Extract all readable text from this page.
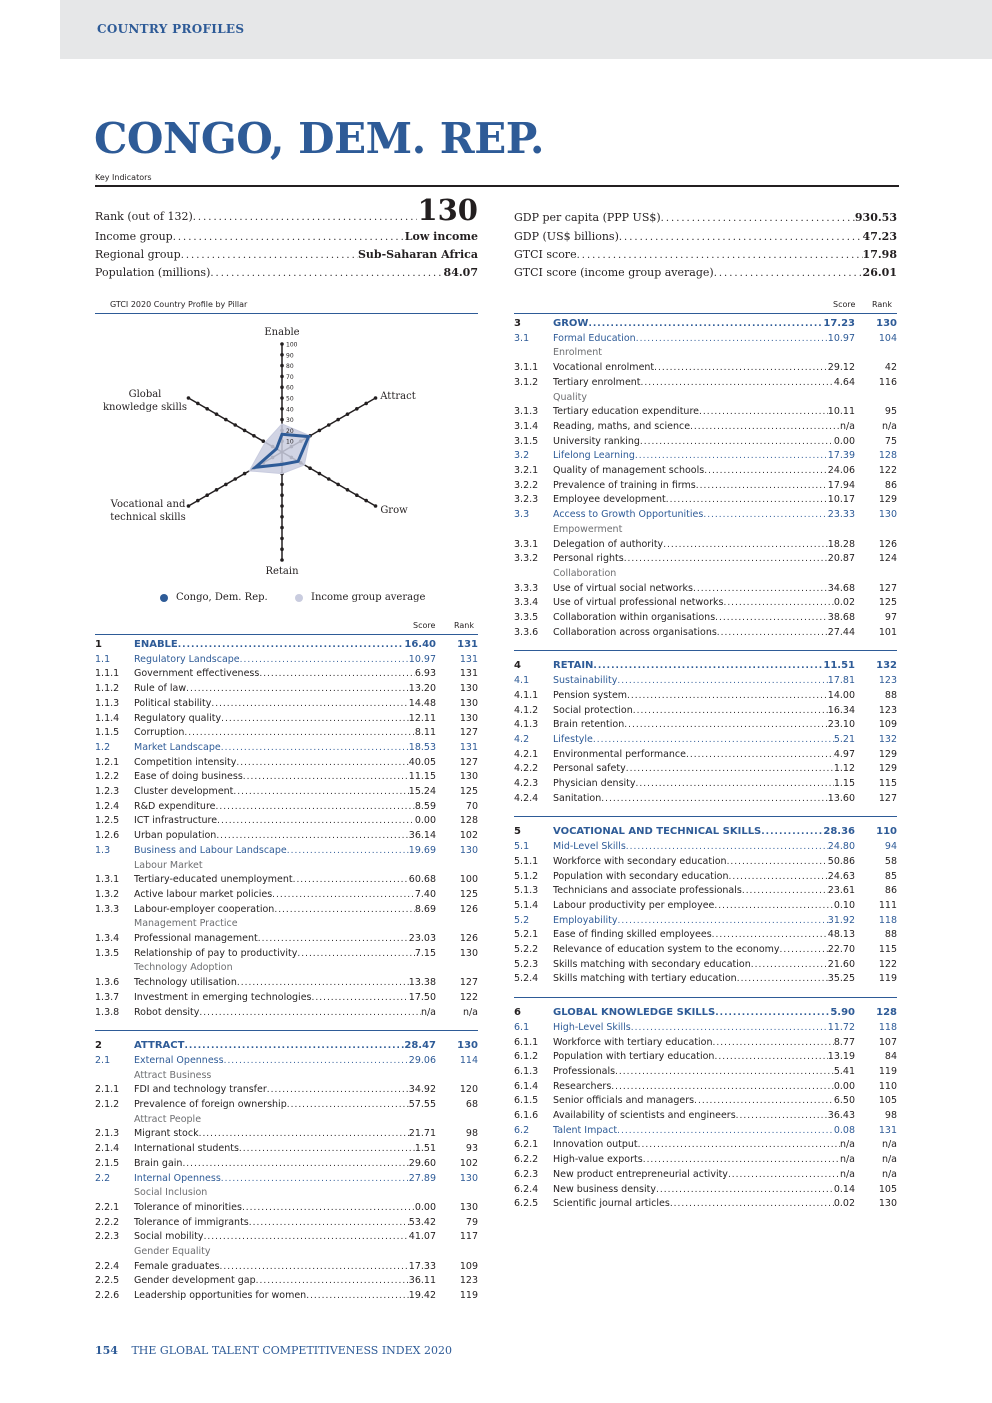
COUNTRY PROFILES
CONGO, DEM. REP.
Key Indicators
Rank (out of 132) .....	130
Income group .....	Low income
Regional group .....	Sub-Saharan Africa
Population (millions) .....	84.07
GDP per capita (PPP US$) .....	930.53
GDP (US$ billions) .....	47.23
GTCI score .....	17.98
GTCI score (income group average) .....	26.01
GTCI 2020 Country Profile by Pillar
100
90
80
70
60
50
40
30
20
10
Enable
Attract
Grow
Retain
Vocational and
technical skills
Global
knowledge skills
Congo, Dem. Rep.	Income group average
Score Rank
Score Rank
1	ENABLE .....	16.40	131
1.1	Regulatory Landscape .....	10.97	131
1.1.1	Government effectiveness .....	6.93	131
1.1.2	Rule of law .....	13.20	130
1.1.3	Political stability .....	14.48	130
1.1.4	Regulatory quality .....	12.11	130
1.1.5	Corruption .....	8.11	127
1.2	Market Landscape .....	18.53	131
1.2.1	Competition intensity .....	40.05	127
1.2.2	Ease of doing business .....	11.15	130
1.2.3	Cluster development .....	15.24	125
1.2.4	R&D expenditure .....	8.59	70
1.2.5	ICT infrastructure .....	0.00	128
1.2.6	Urban population .....	36.14	102
1.3	Business and Labour Landscape .....	19.69	130
Labour Market
1.3.1	Tertiary-educated unemployment .....	60.68	100
1.3.2	Active labour market policies .....	7.40	125
1.3.3	Labour-employer cooperation .....	8.69	126
Management Practice
1.3.4	Professional management .....	23.03	126
1.3.5	Relationship of pay to productivity .....	7.15	130
Technology Adoption
1.3.6	Technology utilisation .....	13.38	127
1.3.7	Investment in emerging technologies .....	17.50	122
1.3.8	Robot density .....	n/a	n/a
2	ATTRACT .....	28.47	130
2.1	External Openness .....	29.06	114
Attract Business
2.1.1	FDI and technology transfer .....	34.92	120
2.1.2	Prevalence of foreign ownership .....	57.55	68
Attract People
2.1.3	Migrant stock .....	21.71	98
2.1.4	International students .....	1.51	93
2.1.5	Brain gain .....	29.60	102
2.2	Internal Openness .....	27.89	130
Social Inclusion
2.2.1	Tolerance of minorities .....	0.00	130
2.2.2	Tolerance of immigrants .....	53.42	79
2.2.3	Social mobility .....	41.07	117
Gender Equality
2.2.4	Female graduates .....	17.33	109
2.2.5	Gender development gap .....	36.11	123
2.2.6	Leadership opportunities for women .....	19.42	119
3	GROW .....	17.23	130
3.1	Formal Education .....	10.97	104
Enrolment
3.1.1	Vocational enrolment .....	29.12	42
3.1.2	Tertiary enrolment .....	4.64	116
Quality
3.1.3	Tertiary education expenditure .....	10.11	95
3.1.4	Reading, maths, and science .....	n/a	n/a
3.1.5	University ranking .....	0.00	75
3.2	Lifelong Learning .....	17.39	128
3.2.1	Quality of management schools .....	24.06	122
3.2.2	Prevalence of training in firms .....	17.94	86
3.2.3	Employee development .....	10.17	129
3.3	Access to Growth Opportunities .....	23.33	130
Empowerment
3.3.1	Delegation of authority .....	18.28	126
3.3.2	Personal rights .....	20.87	124
Collaboration
3.3.3	Use of virtual social networks .....	34.68	127
3.3.4	Use of virtual professional networks .....	0.02	125
3.3.5	Collaboration within organisations .....	38.68	97
3.3.6	Collaboration across organisations .....	27.44	101
4	RETAIN .....	11.51	132
4.1	Sustainability .....	17.81	123
4.1.1	Pension system .....	14.00	88
4.1.2	Social protection .....	16.34	123
4.1.3	Brain retention .....	23.10	109
4.2	Lifestyle .....	5.21	132
4.2.1	Environmental performance .....	4.97	129
4.2.2	Personal safety .....	1.12	129
4.2.3	Physician density .....	1.15	115
4.2.4	Sanitation .....	13.60	127
5	VOCATIONAL AND TECHNICAL SKILLS .....	28.36	110
5.1	Mid-Level Skills .....	24.80	94
5.1.1	Workforce with secondary education .....	50.86	58
5.1.2	Population with secondary education .....	24.63	85
5.1.3	Technicians and associate professionals .....	23.61	86
5.1.4	Labour productivity per employee .....	0.10	111
5.2	Employability .....	31.92	118
5.2.1	Ease of finding skilled employees .....	48.13	88
5.2.2	Relevance of education system to the economy .....	22.70	115
5.2.3	Skills matching with secondary education .....	21.60	122
5.2.4	Skills matching with tertiary education .....	35.25	119
6	GLOBAL KNOWLEDGE SKILLS .....	5.90	128
6.1	High-Level Skills .....	11.72	118
6.1.1	Workforce with tertiary education .....	8.77	107
6.1.2	Population with tertiary education .....	13.19	84
6.1.3	Professionals .....	5.41	119
6.1.4	Researchers .....	0.00	110
6.1.5	Senior officials and managers .....	6.50	105
6.1.6	Availability of scientists and engineers .....	36.43	98
6.2	Talent Impact .....	0.08	131
6.2.1	Innovation output .....	n/a	n/a
6.2.2	High-value exports .....	n/a	n/a
6.2.3	New product entrepreneurial activity .....	n/a	n/a
6.2.4	New business density .....	0.14	105
6.2.5	Scientific journal articles .....	0.02	130
154 THE GLOBAL TALENT COMPETITIVENESS INDEX 2020
